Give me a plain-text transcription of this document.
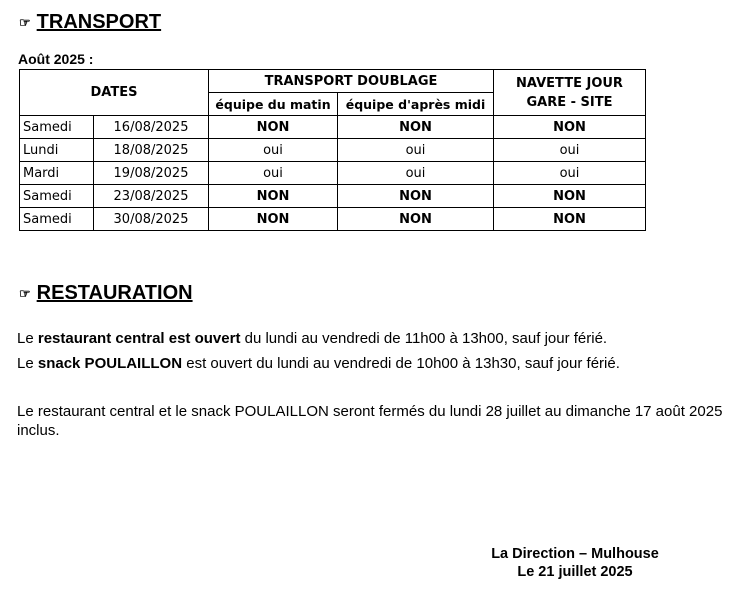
☞ TRANSPORT
Août 2025 :
DATES		TRANSPORT DOUBLAGE		NAVETTE JOUR GARE - SITE
		équipe du matin	équipe d'après midi	
Samedi	16/08/2025	NON	NON	NON
Lundi	18/08/2025	oui	oui	oui
Mardi	19/08/2025	oui	oui	oui
Samedi	23/08/2025	NON	NON	NON
Samedi	30/08/2025	NON	NON	NON
☞ RESTAURATION
Le restaurant central est ouvert du lundi au vendredi de 11h00 à 13h00, sauf jour férié.
Le snack POULAILLON est ouvert du lundi au vendredi de 10h00 à 13h30, sauf jour férié.
Le restaurant central et le snack POULAILLON seront fermés du lundi 28 juillet au dimanche 17 août 2025 inclus.
La Direction – Mulhouse
Le 21 juillet 2025
